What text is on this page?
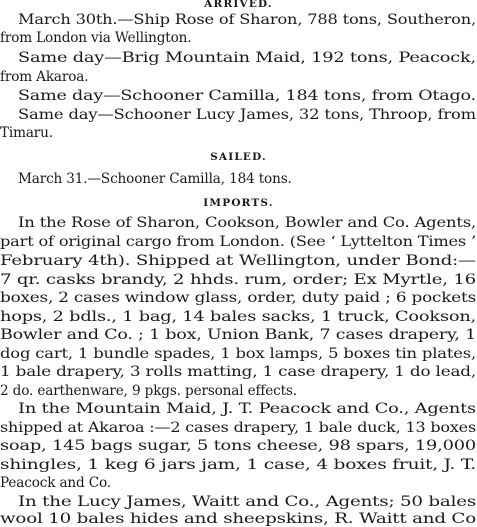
ARRIVED.
March 30th.—Ship Rose of Sharon, 788 tons, Southeron,
from London via Wellington.
Same day—Brig Mountain Maid, 192 tons, Peacock,
from Akaroa.
Same day—Schooner Camilla, 184 tons, from Otago.
Same day—Schooner Lucy James, 32 tons, Throop, from
Timaru.
SAILED.
March 31.—Schooner Camilla, 184 tons.
IMPORTS.
In the Rose of Sharon, Cookson, Bowler and Co. Agents,
part of original cargo from London. (See ‘ Lyttelton Times ’
February 4th). Shipped at Wellington, under Bond:—
7 qr. casks brandy, 2 hhds. rum, order; Ex Myrtle, 16
boxes, 2 cases window glass, order, duty paid ; 6 pockets
hops, 2 bdls., 1 bag, 14 bales sacks, 1 truck, Cookson,
Bowler and Co. ; 1 box, Union Bank, 7 cases drapery, 1
dog cart, 1 bundle spades, 1 box lamps, 5 boxes tin plates,
1 bale drapery, 3 rolls matting, 1 case drapery, 1 do lead,
2 do. earthenware, 9 pkgs. personal effects.
In the Mountain Maid, J. T. Peacock and Co., Agents
shipped at Akaroa :—2 cases drapery, 1 bale duck, 13 boxes
soap, 145 bags sugar, 5 tons cheese, 98 spars, 19,000
shingles, 1 keg 6 jars jam, 1 case, 4 boxes fruit, J. T.
Peacock and Co.
In the Lucy James, Waitt and Co., Agents; 50 bales
wool 10 bales hides and sheepskins, R. Waitt and Co
